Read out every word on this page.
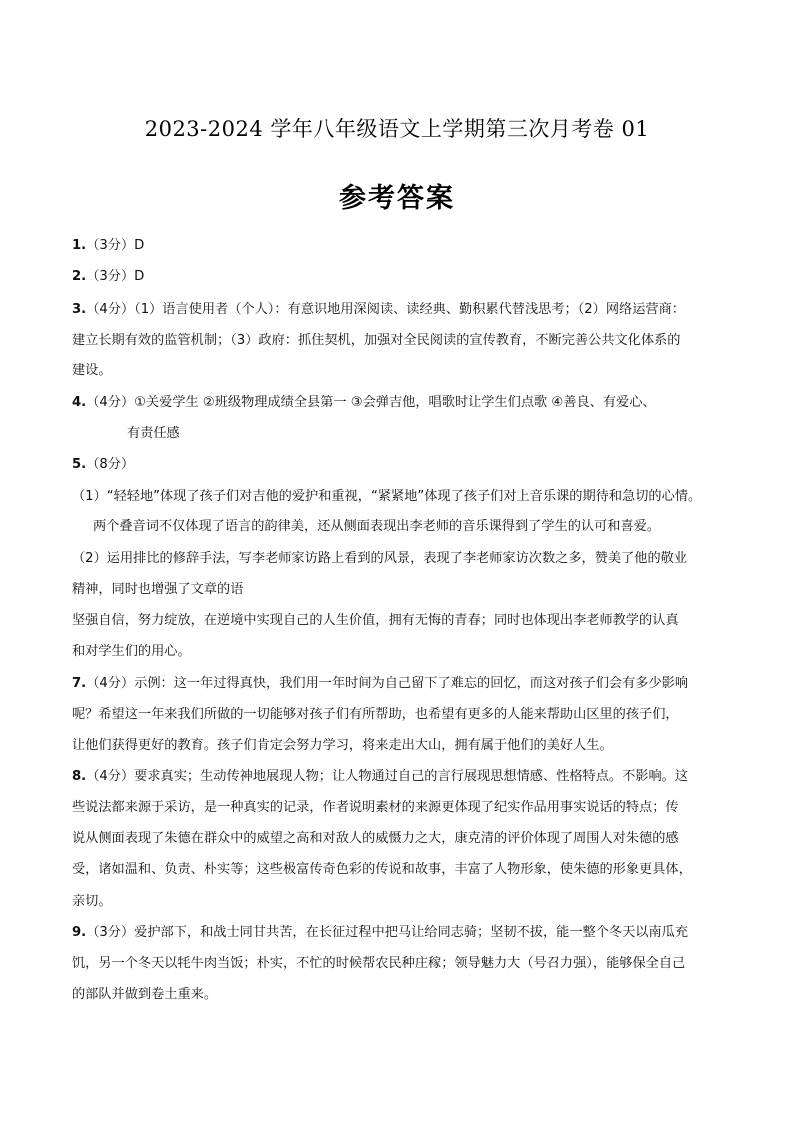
2023-2024 学年八年级语文上学期第三次月考卷 01
参考答案
1.（3分）D
2.（3分）D
3.（4分）（1）语言使用者（个人）：有意识地用深阅读、读经典、勤积累代替浅思考；（2）网络运营商：
建立长期有效的监管机制；（3）政府：抓住契机，加强对全民阅读的宣传教育，不断完善公共文化体系的
建设。
4.（4分）①关爱学生 ②班级物理成绩全县第一 ③会弹吉他，唱歌时让学生们点歌 ④善良、有爱心、
有责任感
5.（8分）
（1）“轻轻地”体现了孩子们对吉他的爱护和重视，“紧紧地”体现了孩子们对上音乐课的期待和急切的心情。
两个叠音词不仅体现了语言的韵律美，还从侧面表现出李老师的音乐课得到了学生的认可和喜爱。
（2）运用排比的修辞手法，写李老师家访路上看到的风景，表现了李老师家访次数之多，赞美了他的敬业
精神，同时也增强了文章的语
坚强自信，努力绽放，在逆境中实现自己的人生价值，拥有无悔的青春；同时也体现出李老师教学的认真
和对学生们的用心。
7.（4分）示例：这一年过得真快，我们用一年时间为自己留下了难忘的回忆，而这对孩子们会有多少影响
呢？希望这一年来我们所做的一切能够对孩子们有所帮助，也希望有更多的人能来帮助山区里的孩子们，
让他们获得更好的教育。孩子们肯定会努力学习，将来走出大山，拥有属于他们的美好人生。
8.（4分）要求真实；生动传神地展现人物；让人物通过自己的言行展现思想情感、性格特点。不影响。这
些说法都来源于采访，是一种真实的记录，作者说明素材的来源更体现了纪实作品用事实说话的特点；传
说从侧面表现了朱德在群众中的威望之高和对敌人的威慑力之大，康克清的评价体现了周围人对朱德的感
受，诸如温和、负责、朴实等；这些极富传奇色彩的传说和故事，丰富了人物形象，使朱德的形象更具体，
亲切。
9.（3分）爱护部下，和战士同甘共苦，在长征过程中把马让给同志骑；坚韧不拔，能一整个冬天以南瓜充
饥，另一个冬天以牦牛肉当饭；朴实，不忙的时候帮农民种庄稼；领导魅力大（号召力强），能够保全自己
的部队并做到卷土重来。
